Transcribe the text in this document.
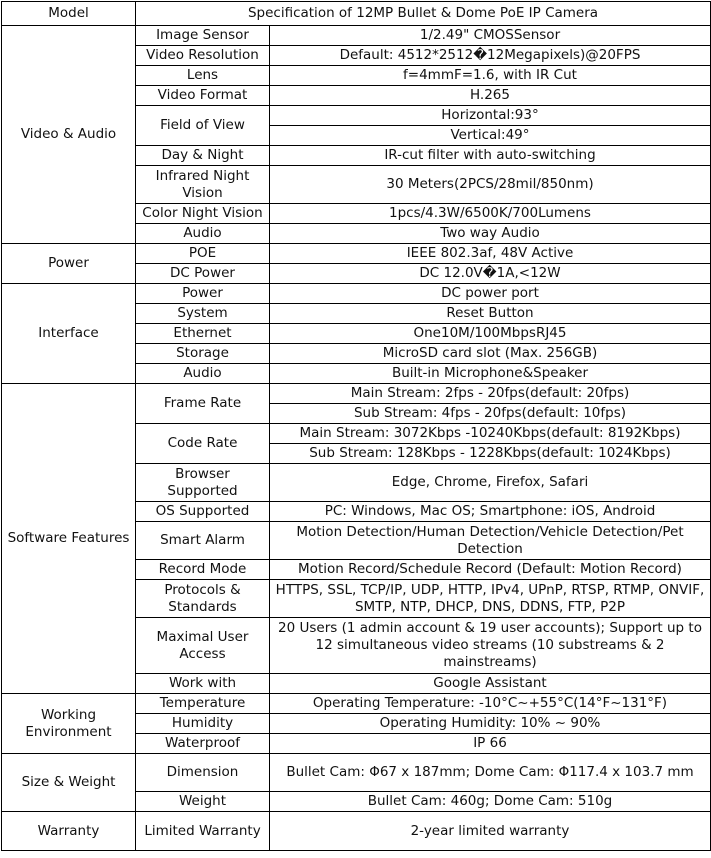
Model	Specification of 12MP Bullet & Dome PoE IP Camera	
Video & Audio	Image Sensor	1/2.49" CMOSSensor
	Video Resolution	Default: 4512*2512�12Megapixels)@20FPS
	Lens	f=4mmF=1.6, with IR Cut
	Video Format	H.265
	Field of View	Horizontal:93°
		Vertical:49°
	Day & Night	IR-cut filter with auto-switching
	Infrared Night Vision	30 Meters(2PCS/28mil/850nm)
	Color Night Vision	1pcs/4.3W/6500K/700Lumens
	Audio	Two way Audio
Power	POE	IEEE 802.3af, 48V Active
	DC Power	DC 12.0V�1A,<12W
Interface	Power	DC power port
	System	Reset Button
	Ethernet	One10M/100MbpsRJ45
	Storage	MicroSD card slot (Max. 256GB)
	Audio	Built-in Microphone&Speaker
Software Features	Frame Rate	Main Stream: 2fps - 20fps(default: 20fps)
		Sub Stream: 4fps - 20fps(default: 10fps)
	Code Rate	Main Stream: 3072Kbps -10240Kbps(default: 8192Kbps)
		Sub Stream: 128Kbps - 1228Kbps(default: 1024Kbps)
	Browser Supported	Edge, Chrome, Firefox, Safari
	OS Supported	PC: Windows, Mac OS; Smartphone: iOS, Android
	Smart Alarm	Motion Detection/Human Detection/Vehicle Detection/Pet Detection
	Record Mode	Motion Record/Schedule Record (Default: Motion Record)
	Protocols & Standards	HTTPS, SSL, TCP/IP, UDP, HTTP, IPv4, UPnP, RTSP, RTMP, ONVIF, SMTP, NTP, DHCP, DNS, DDNS, FTP, P2P
	Maximal User Access	20 Users (1 admin account & 19 user accounts); Support up to 12 simultaneous video streams (10 substreams & 2 mainstreams)
	Work with	Google Assistant
Working Environment	Temperature	Operating Temperature: -10°C~+55°C(14°F~131°F)
	Humidity	Operating Humidity: 10% ~ 90%
	Waterproof	IP 66
Size & Weight	Dimension	Bullet Cam: Φ67 x 187mm; Dome Cam: Φ117.4 x 103.7 mm
	Weight	Bullet Cam: 460g; Dome Cam: 510g
Warranty	Limited Warranty	2-year limited warranty
